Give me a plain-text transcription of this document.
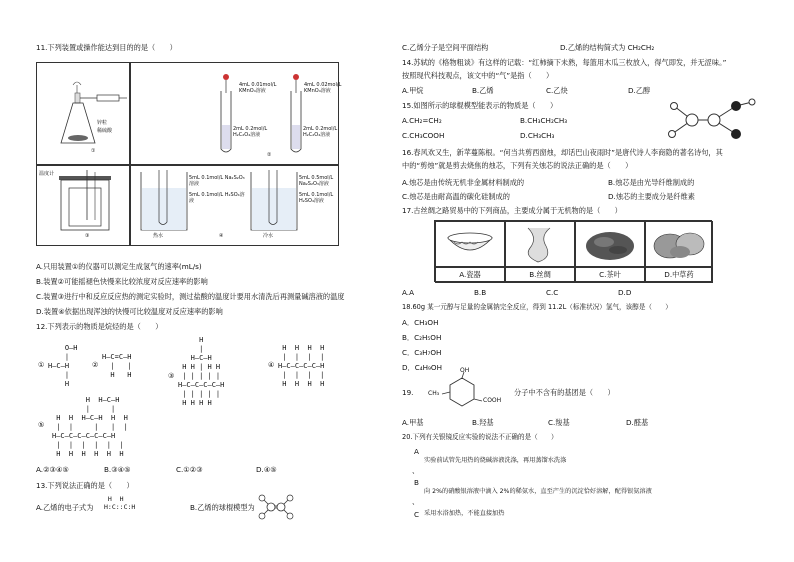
11.下列装置或操作能达到目的的是（　　）
锌粒
稀硫酸
①
4mL 0.01mol/L KMnO₄溶液
4mL 0.02mol/L KMnO₄溶液
2mL 0.2mol/L H₂C₂O₄溶液
2mL 0.2mol/L H₂C₂O₄溶液
②
温度计
③
5mL 0.1mol/L Na₂S₂O₃溶液
5mL 0.1mol/L H₂SO₄溶液
5mL 0.5mol/L Na₂S₂O₃溶液
5mL 0.1mol/L H₂SO₄溶液
热水	冷水
④
A.只用装置①的仪器可以测定生成氢气的速率(mL/s)
B.装置②可能摇褪色快慢来比较浓度对反应速率的影响
C.装置③进行中和反应反应热的测定实验时，测过盐酸的温度计要用水清洗后再测量碱溶液的温度
D.装置④依据出现浑浊的快慢可比较温度对反应速率的影响
12.下列表示的物质是烷烃的是（　　）
①
O—H
|
H—C—H
|
H
②
H—C=C—H
|   |
H   H	③
H
|
H—C—H
H H | H H
| | | | |
H—C—C—C—C—H
| | | | |
H H H H
④
H  H  H  H
|  |  |  |
H—C—C—C—C—H
|  |  |  |
H  H  H  H
⑤
H  H—C—H
|     |
H  H  H—C—H  H  H
|  |     |   |  |
H—C—C—C—C—C—C—H
|  |  |  |  |  |
H  H  H  H  H  H
A.②③④⑤	B.③④⑤	C.①②③	D.④⑤
13.下列说法正确的是（　　）
A.乙烯的电子式为
H  H
H:C::C:H	B.乙烯的球棍模型为
C.乙烯分子是空间平面结构	D.乙烯的结构简式为 CH₂CH₂
14.苏轼的《格物粗谈》有这样的记载：“红柿摘下未熟，每篮用木瓜三枚放入，得气即发，并无涩味。”
按照现代科技观点，该文中的“气”是指（　　）
A.甲烷	B.乙烯	C.乙炔	D.乙醇
15.如图所示的球棍模型能表示的物质是（　　）
A.CH₂=CH₂	B.CH₃CH₂CH₃
C.CH₃COOH	D.CH₃CH₃
16.春风欢又生，新苹蔓陈根。“何当共剪西窗烛，却话巴山夜雨时”是唐代诗人李商隐的著名诗句，其
中的“剪烛”就是剪去烧焦的烛芯，下列有关烛芯的说法正确的是（　　）
A.烛芯是由传统无机非金属材料制成的	B.烛芯是由光导纤维制成的
C.烛芯是由耐高温的碳化硅制成的	D.烛芯的主要成分是纤维素
17.古丝绸之路贸易中的下列商品，主要成分属于无机物的是（　　）
A.瓷器	B.丝绸	C.茶叶	D.中草药
A.A	B.B	C.C	D.D
18.60g 某一元醇与足量的金属钠完全反应，得到 11.2L（标准状况）氢气，该醇是（　　）
A．CH₃OH
B．C₂H₅OH
C．C₃H₇OH
D．C₄H₉OH
19.
OH
CH₃
COOH
分子中不含有的基团是（　　）
A.甲基	B.羟基	C.羧基	D.醛基
20.下列有关银镜反应实验的说法不正确的是（　　）
A
实验前试管先用热的烧碱溶液洗涤，再用蒸馏水洗涤
、
B
向 2%的硝酸银溶液中滴入 2%的稀氨水，直至产生的沉淀恰好溶解，配得银氨溶液
、
C 采用水浴加热，不能直接加热
